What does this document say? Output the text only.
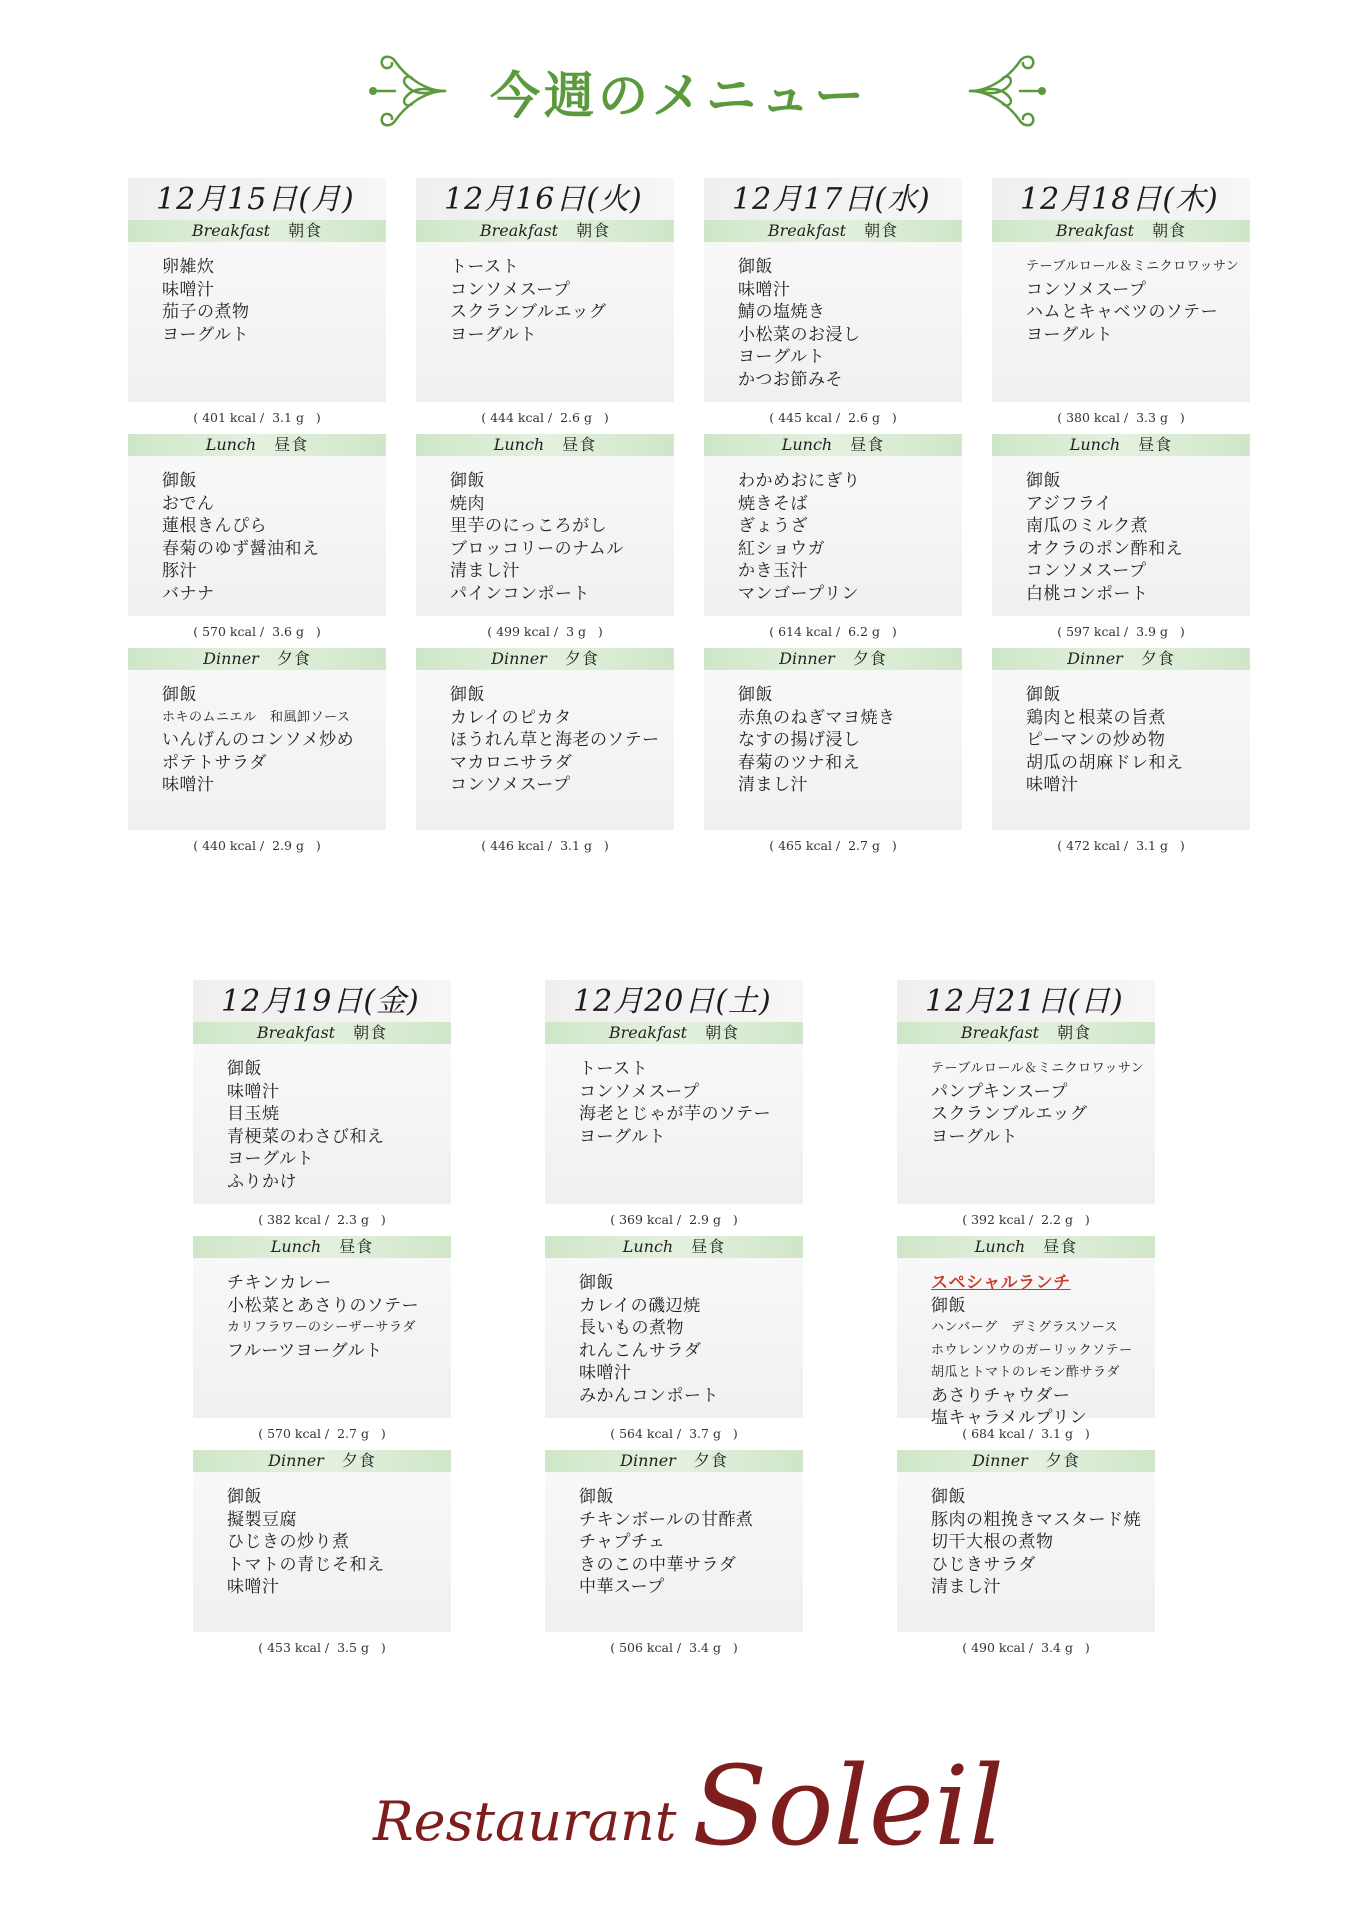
今週のメニュー
12月15日(月)
Breakfast 朝食
卵雑炊
味噌汁
茄子の煮物
ヨーグルト
( 401 kcal /  3.1 g   )
Lunch 昼食
御飯
おでん
蓮根きんぴら
春菊のゆず醤油和え
豚汁
バナナ
( 570 kcal /  3.6 g   )
Dinner 夕食
御飯
ホキのムニエル　和風卸ソース
いんげんのコンソメ炒め
ポテトサラダ
味噌汁
( 440 kcal /  2.9 g   )
12月16日(火)
Breakfast 朝食
トースト
コンソメスープ
スクランブルエッグ
ヨーグルト
( 444 kcal /  2.6 g   )
Lunch 昼食
御飯
焼肉
里芋のにっころがし
ブロッコリーのナムル
清まし汁
パインコンポート
( 499 kcal /  3 g   )
Dinner 夕食
御飯
カレイのピカタ
ほうれん草と海老のソテー
マカロニサラダ
コンソメスープ
( 446 kcal /  3.1 g   )
12月17日(水)
Breakfast 朝食
御飯
味噌汁
鯖の塩焼き
小松菜のお浸し
ヨーグルト
かつお節みそ
( 445 kcal /  2.6 g   )
Lunch 昼食
わかめおにぎり
焼きそば
ぎょうざ
紅ショウガ
かき玉汁
マンゴープリン
( 614 kcal /  6.2 g   )
Dinner 夕食
御飯
赤魚のねぎマヨ焼き
なすの揚げ浸し
春菊のツナ和え
清まし汁
( 465 kcal /  2.7 g   )
12月18日(木)
Breakfast 朝食
テーブルロール＆ミニクロワッサン
コンソメスープ
ハムとキャベツのソテー
ヨーグルト
( 380 kcal /  3.3 g   )
Lunch 昼食
御飯
アジフライ
南瓜のミルク煮
オクラのポン酢和え
コンソメスープ
白桃コンポート
( 597 kcal /  3.9 g   )
Dinner 夕食
御飯
鶏肉と根菜の旨煮
ピーマンの炒め物
胡瓜の胡麻ドレ和え
味噌汁
( 472 kcal /  3.1 g   )
12月19日(金)
Breakfast 朝食
御飯
味噌汁
目玉焼
青梗菜のわさび和え
ヨーグルト
ふりかけ
( 382 kcal /  2.3 g   )
Lunch 昼食
チキンカレー
小松菜とあさりのソテー
カリフラワーのシーザーサラダ
フルーツヨーグルト
( 570 kcal /  2.7 g   )
Dinner 夕食
御飯
擬製豆腐
ひじきの炒り煮
トマトの青じそ和え
味噌汁
( 453 kcal /  3.5 g   )
12月20日(土)
Breakfast 朝食
トースト
コンソメスープ
海老とじゃが芋のソテー
ヨーグルト
( 369 kcal /  2.9 g   )
Lunch 昼食
御飯
カレイの磯辺焼
長いもの煮物
れんこんサラダ
味噌汁
みかんコンポート
( 564 kcal /  3.7 g   )
Dinner 夕食
御飯
チキンボールの甘酢煮
チャプチェ
きのこの中華サラダ
中華スープ
( 506 kcal /  3.4 g   )
12月21日(日)
Breakfast 朝食
テーブルロール＆ミニクロワッサン
パンプキンスープ
スクランブルエッグ
ヨーグルト
( 392 kcal /  2.2 g   )
Lunch 昼食
スペシャルランチ
御飯
ハンバーグ　デミグラスソース
ホウレンソウのガーリックソテー
胡瓜とトマトのレモン酢サラダ
あさりチャウダー
塩キャラメルプリン
( 684 kcal /  3.1 g   )
Dinner 夕食
御飯
豚肉の粗挽きマスタード焼
切干大根の煮物
ひじきサラダ
清まし汁
( 490 kcal /  3.4 g   )
Restaurant Soleil
